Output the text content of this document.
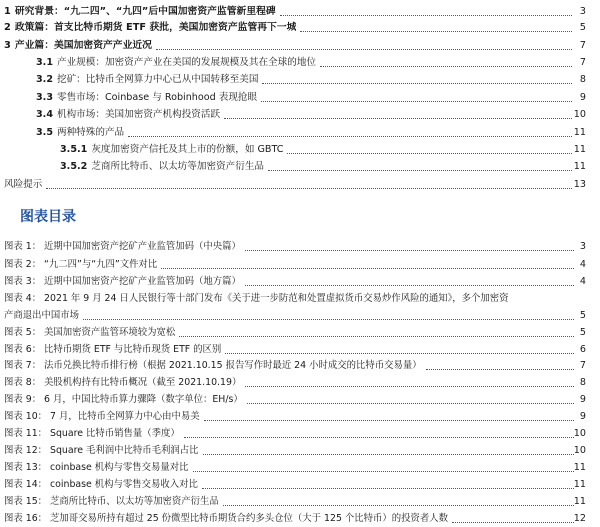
1 研究背景：“九二四”、“九四”后中国加密资产监管新里程碑	3
2 政策篇：首支比特币期货 ETF 获批，美国加密资产监管再下一城	5
3 产业篇：美国加密资产产业近况	7
3.1 产业规模：加密资产产业在美国的发展规模及其在全球的地位	7
3.2 挖矿：比特币全网算力中心已从中国转移至美国	8
3.3 零售市场：Coinbase 与 Robinhood 表现抢眼	9
3.4 机构市场：美国加密资产机构投资活跃	10
3.5 两种特殊的产品	11
3.5.1 灰度加密资产信托及其上市的份额，如 GBTC	11
3.5.2 芝商所比特币、以太坊等加密资产衍生品	11
风险提示	13
图表目录
图表 1： 近期中国加密资产挖矿产业监管加码（中央篇）	3
图表 2： “九二四”与“九四”文件对比	4
图表 3： 近期中国加密资产挖矿产业监管加码（地方篇）	4
图表 4： 2021 年 9 月 24 日人民银行等十部门发布《关于进一步防范和处置虚拟货币交易炒作风险的通知》，多个加密资
产商退出中国市场	5
图表 5： 美国加密资产监管环境较为宽松	5
图表 6： 比特币期货 ETF 与比特币现货 ETF 的区别	6
图表 7： 法币兑换比特币排行榜（根据 2021.10.15 报告写作时最近 24 小时成交的比特币交易量）	7
图表 8： 美股机构持有比特币概况（截至 2021.10.19）	8
图表 9： 6 月，中国比特币算力骤降（数字单位：EH/s）	9
图表 10： 7 月，比特币全网算力中心由中易美	9
图表 11： Square 比特币销售量（季度）	10
图表 12： Square 毛利润中比特币毛利润占比	10
图表 13： coinbase 机构与零售交易量对比	11
图表 14： coinbase 机构与零售交易收入对比	11
图表 15： 芝商所比特币、以太坊等加密资产衍生品	11
图表 16： 芝加哥交易所持有超过 25 份微型比特币期货合约多头仓位（大于 125 个比特币）的投资者人数	12
